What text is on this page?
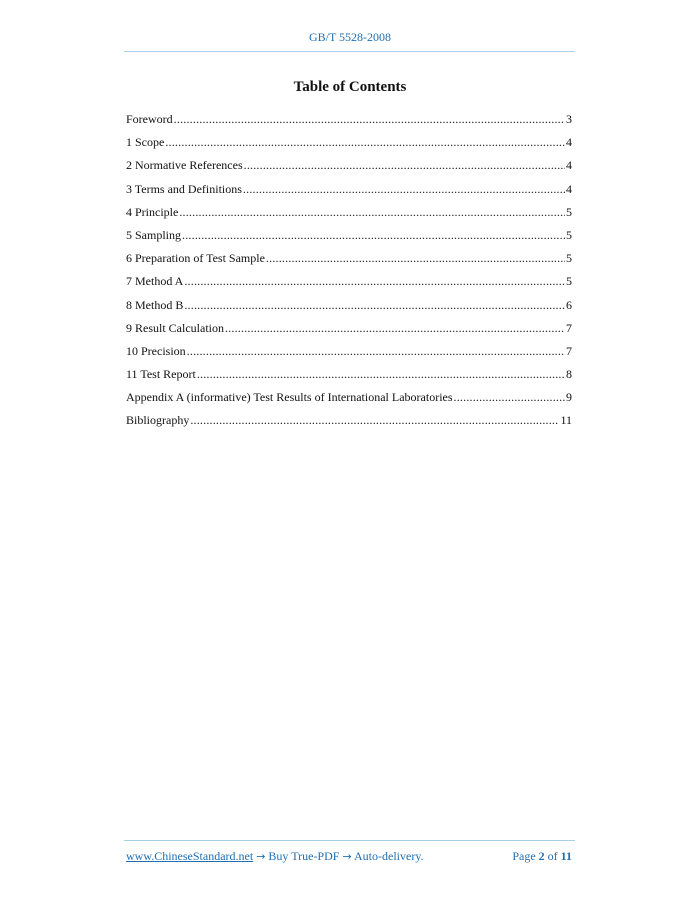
GB/T 5528-2008
Table of Contents
Foreword .....	3
1 Scope .....	4
2 Normative References .....	4
3 Terms and Definitions .....	4
4 Principle .....	5
5 Sampling .....	5
6 Preparation of Test Sample .....	5
7 Method A .....	5
8 Method B .....	6
9 Result Calculation .....	7
10 Precision .....	7
11 Test Report .....	8
Appendix A (informative) Test Results of International Laboratories .....	9
Bibliography .....	11
www.ChineseStandard.net → Buy True-PDF → Auto-delivery.	Page 2 of 11
